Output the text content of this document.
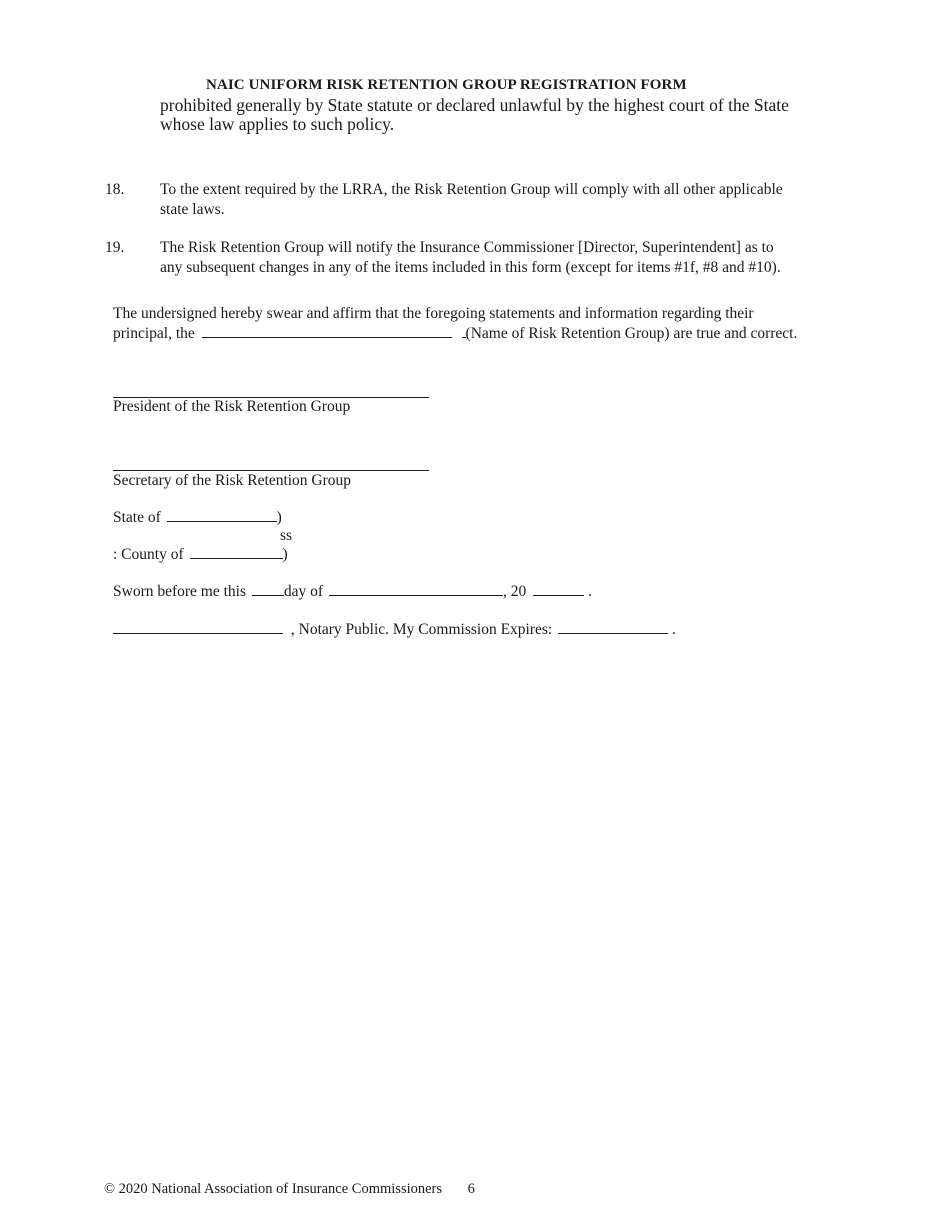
NAIC UNIFORM RISK RETENTION GROUP REGISTRATION FORM
prohibited generally by State statute or declared unlawful by the highest court of the State
whose law applies to such policy.
18. To the extent required by the LRRA, the Risk Retention Group will comply with all other applicable
state laws.
19. The Risk Retention Group will notify the Insurance Commissioner [Director, Superintendent] as to
any subsequent changes in any of the items included in this form (except for items #1f, #8 and #10).
The undersigned hereby swear and affirm that the foregoing statements and information regarding their
principal, the	(Name of Risk Retention Group) are true and correct.
President of the Risk Retention Group
Secretary of the Risk Retention Group
State of	)
ss
: County of	)
Sworn before me this day of	, 20	.
, Notary Public. My Commission Expires:	.
© 2020 National Association of Insurance Commissioners 6
